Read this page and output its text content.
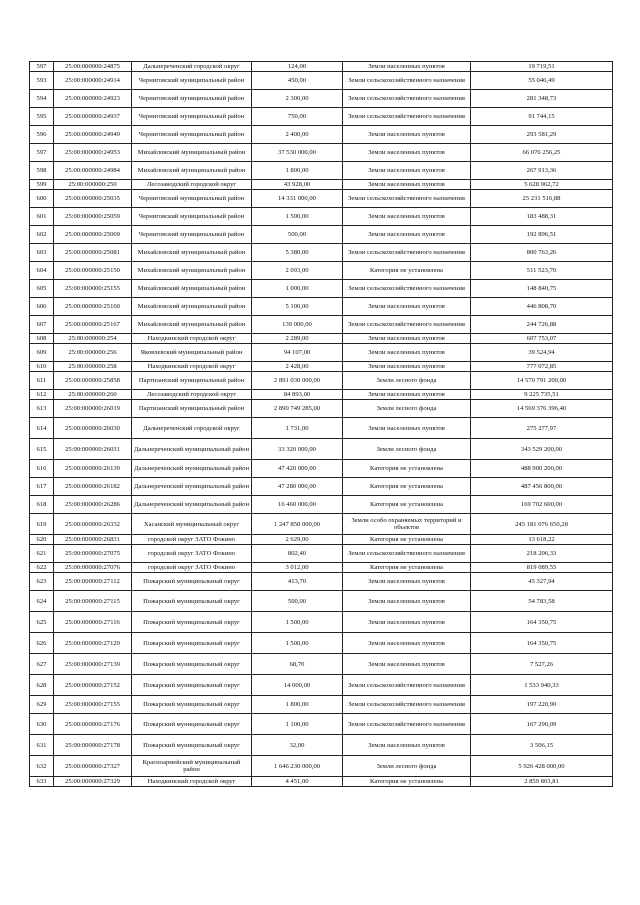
597	25:00:000000:24875	Дальнереченский городской округ	124,00	Земли населенных пунктов	19 719,51
593	25:00:000000:24914	Черниговский муниципальный район	450,00	Земли сельскохозяйственного назначения	55 046,49
594	25:00:000000:24923	Черниговский муниципальный район	2 300,00	Земли сельскохозяйственного назначения	281 348,73
595	25:00:000000:24937	Черниговский муниципальный район	750,00	Земли сельскохозяйственного назначения	91 744,15
596	25:00:000000:24949	Черниговский муниципальный район	2 400,00	Земли населенных пунктов	293 581,29
597	25:00:000000:24953	Михайловский муниципальный район	37 530 000,00	Земли населенных пунктов	66 076 256,25
598	25:00:000000:24984	Михайловский муниципальный район	1 800,00	Земли населенных пунктов	267 913,36
599	25:00:000000:250	Лесозаводский городской округ	43 928,00	Земли населенных пунктов	5 628 962,72
600	25:00:000000:25035	Черниговский муниципальный район	14 331 000,00	Земли сельскохозяйственного назначения	25 231 516,88
601	25:00:000000:25059	Черниговский муниципальный район	1 500,00	Земли населенных пунктов	183 488,31
602	25:00:000000:25069	Черниговский муниципальный район	500,00	Земли населенных пунктов	192 896,51
603	25:00:000000:25081	Михайловский муниципальный район	5 380,00	Земли сельскохозяйственного назначения	800 763,26
604	25:00:000000:25150	Михайловский муниципальный район	2 093,00	Категория не установлена	511 523,70
605	25:00:000000:25155	Михайловский муниципальный район	1 000,00	Земли сельскохозяйственного назначения	148 840,75
606	25:00:000000:25160	Михайловский муниципальный район	5 100,00	Земли населенных пунктов	446 808,70
607	25:00:000000:25167	Михайловский муниципальный район	139 000,00	Земли сельскохозяйственного назначения	244 726,88
608	25:00:000000:254	Находкинский городской округ	2 289,00	Земли населенных пунктов	607 753,07
609	25:00:000000:256	Яковлевский муниципальный район	94 107,00	Земли населенных пунктов	39 524,94
610	25:00:000000:258	Находкинский городской округ	2 428,00	Земли населенных пунктов	777 072,85
611	25:00:000000:25858	Партизанский муниципальный район	2 891 030 000,00	Земли лесного фонда	14 570 791 200,00
612	25:00:000000:260	Лесозаводский городской округ	84 893,00	Земли населенных пунктов	9 225 735,51
613	25:00:000000:26019	Партизанский муниципальный район	2 890 749 285,00	Земли лесного фонда	14 569 376 396,40
614	25:00:000000:26030	Дальнереченский городской округ	1 731,00	Земли населенных пунктов	275 277,97
615	25:00:000000:26031	Дальнереченский муниципальный район	33 320 000,00	Земли лесного фонда	343 529 200,00
616	25:00:000000:26139	Дальнереченский муниципальный район	47 420 000,00	Категория не установлена	488 900 200,00
617	25:00:000000:26182	Дальнереченский муниципальный район	47 280 000,00	Категория не установлена	487 456 800,00
618	25:00:000000:26286	Дальнереченский муниципальный район	16 460 000,00	Категория не установлена	169 702 600,00
619	25:00:000000:26332	Хасанский муниципальный округ	1 247 850 000,00	Земли особо охраняемых территорий и объектов	245 181 076 650,28
620	25:00:000000:26831	городской округ ЗАТО Фокино	2 629,00	Категория не установлена	13 618,22
621	25:00:000000:27075	городской округ ЗАТО Фокино	802,40	Земли сельскохозяйственного назначения	218 206,33
622	25:00:000000:27076	городской округ ЗАТО Фокино	3 012,00	Категория не установлена	819 089,55
623	25:00:000000:27112	Пожарский муниципальный округ	413,70	Земли населенных пунктов	45 327,94
624	25:00:000000:27115	Пожарский муниципальный округ	500,00	Земли населенных пунктов	54 783,58
625	25:00:000000:27116	Пожарский муниципальный округ	1 500,00	Земли населенных пунктов	164 350,75
626	25:00:000000:27129	Пожарский муниципальный округ	1 500,00	Земли населенных пунктов	164 350,75
627	25:00:000000:27139	Пожарский муниципальный округ	68,70	Земли населенных пунктов	7 527,26
628	25:00:000000:27152	Пожарский муниципальный округ	14 000,00	Земли сельскохозяйственного назначения	1 533 940,33
629	25:00:000000:27155	Пожарский муниципальный округ	1 800,00	Земли сельскохозяйственного назначения	197 220,90
630	25:00:000000:27176	Пожарский муниципальный округ	1 100,00	Земли сельскохозяйственного назначения	167 290,09
631	25:00:000000:27178	Пожарский муниципальный округ	32,00	Земли населенных пунктов	3 506,15
632	25:00:000000:27327	Красноармейский муниципальный район	1 646 230 000,00	Земли лесного фонда	5 926 428 000,00
633	25:00:000000:27329	Находкинский городской округ	4 451,00	Категория не установлена	2 859 803,81
